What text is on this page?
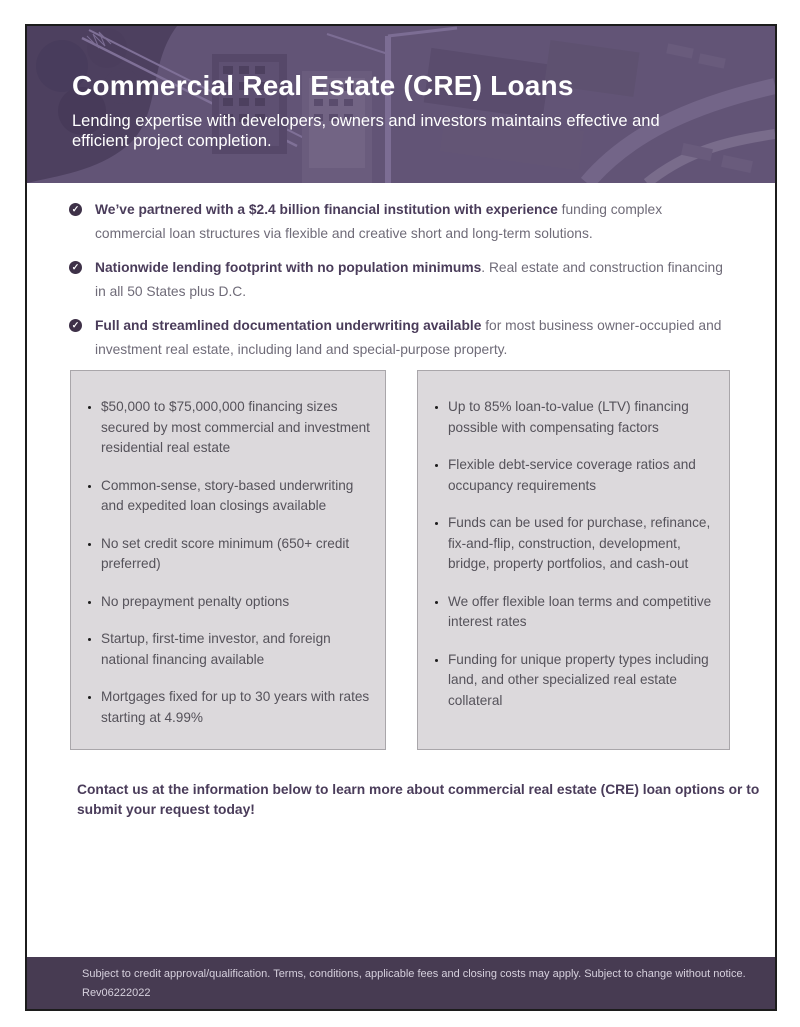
Commercial Real Estate (CRE) Loans

Lending expertise with developers, owners and investors maintains effective and efficient project completion.

✓ We’ve partnered with a $2.4 billion financial institution with experience funding complex commercial loan structures via flexible and creative short and long-term solutions.

✓ Nationwide lending footprint with no population minimums. Real estate and construction financing in all 50 States plus D.C.

✓ Full and streamlined documentation underwriting available for most business owner-occupied and investment real estate, including land and special-purpose property.

• $50,000 to $75,000,000 financing sizes secured by most commercial and investment residential real estate
• Common-sense, story-based underwriting and expedited loan closings available
• No set credit score minimum (650+ credit preferred)
• No prepayment penalty options
• Startup, first-time investor, and foreign national financing available
• Mortgages fixed for up to 30 years with rates starting at 4.99%
• Up to 85% loan-to-value (LTV) financing possible with compensating factors
• Flexible debt-service coverage ratios and occupancy requirements
• Funds can be used for purchase, refinance, fix-and-flip, construction, development, bridge, property portfolios, and cash-out
• We offer flexible loan terms and competitive interest rates
• Funding for unique property types including land, and other specialized real estate collateral

Contact us at the information below to learn more about commercial real estate (CRE) loan options or to submit your request today!

Subject to credit approval/qualification. Terms, conditions, applicable fees and closing costs may apply. Subject to change without notice.

Rev06222022
